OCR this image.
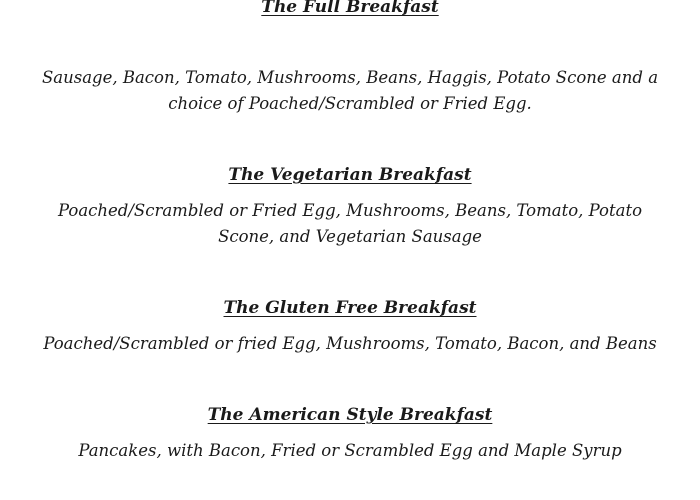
The Full Breakfast

Sausage, Bacon, Tomato, Mushrooms, Beans, Haggis, Potato Scone and a choice of Poached/Scrambled or Fried Egg.

The Vegetarian Breakfast

Poached/Scrambled or Fried Egg, Mushrooms, Beans, Tomato, Potato Scone, and Vegetarian Sausage

The Gluten Free Breakfast

Poached/Scrambled or fried Egg, Mushrooms, Tomato, Bacon, and Beans

The American Style Breakfast

Pancakes, with Bacon, Fried or Scrambled Egg and Maple Syrup
